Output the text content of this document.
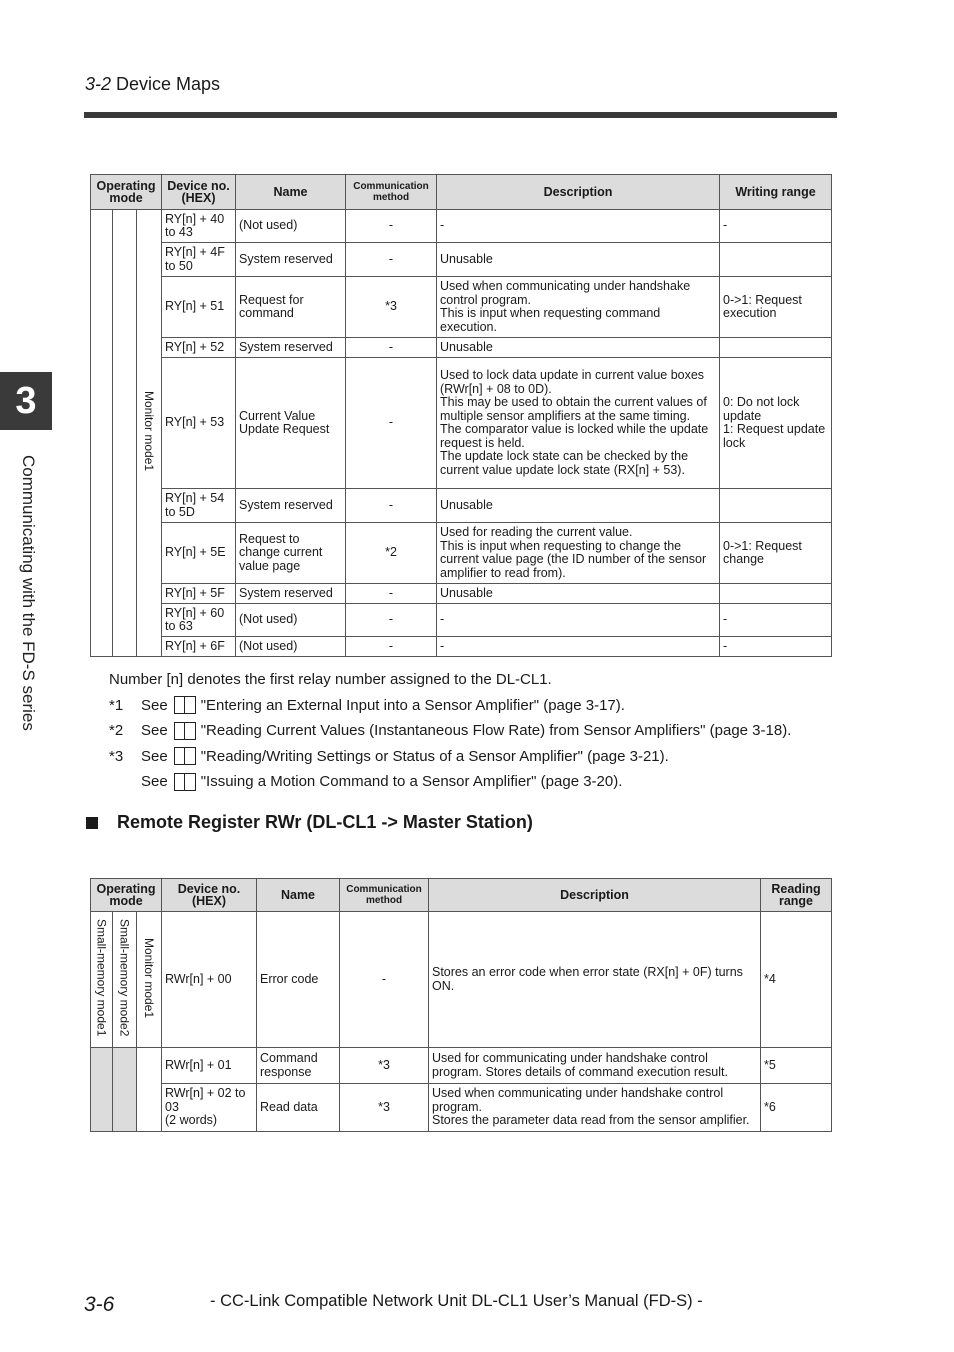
3-2 Device Maps
3
Communicating with the FD-S series
Operating mode			Device no. (HEX)	Name	Communication method	Description	Writing range
		Monitor mode1	RY[n] + 40 to 43	(Not used)	-	-	-
			RY[n] + 4F to 50	System reserved	-	Unusable	
			RY[n] + 51	Request for command	*3	Used when communicating under handshake control program.
This is input when requesting command execution.	0->1: Request execution
			RY[n] + 52	System reserved	-	Unusable	
			RY[n] + 53	Current Value Update Request	-	Used to lock data update in current value boxes (RWr[n] + 08 to 0D).
This may be used to obtain the current values of multiple sensor amplifiers at the same timing.
The comparator value is locked while the update request is held.
The update lock state can be checked by the current value update lock state (RX[n] + 53).	0: Do not lock update
1: Request update lock
			RY[n] + 54 to 5D	System reserved	-	Unusable	
			RY[n] + 5E	Request to change current value page	*2	Used for reading the current value.
This is input when requesting to change the current value page (the ID number of the sensor amplifier to read from).	0->1: Request change
			RY[n] + 5F	System reserved	-	Unusable	
			RY[n] + 60 to 63	(Not used)	-	-	-
			RY[n] + 6F	(Not used)	-	-	-
Number [n] denotes the first relay number assigned to the DL-CL1.
*1	See "Entering an External Input into a Sensor Amplifier" (page 3-17).
*2	See "Reading Current Values (Instantaneous Flow Rate) from Sensor Amplifiers" (page 3-18).
*3	See "Reading/Writing Settings or Status of a Sensor Amplifier" (page 3-21).
See "Issuing a Motion Command to a Sensor Amplifier" (page 3-20).
Remote Register RWr (DL-CL1 -> Master Station)
Operating mode			Device no. (HEX)	Name	Communication method	Description	Reading range
Small-memory mode1	Small-memory mode2	Monitor mode1	RWr[n] + 00	Error code	-	Stores an error code when error state (RX[n] + 0F) turns ON.	*4
			RWr[n] + 01	Command response	*3	Used for communicating under handshake control program. Stores details of command execution result.	*5
			RWr[n] + 02 to 03
(2 words)	Read data	*3	Used when communicating under handshake control program.
Stores the parameter data read from the sensor amplifier.	*6
3-6	- CC-Link Compatible Network Unit DL-CL1 User’s Manual (FD-S) -
